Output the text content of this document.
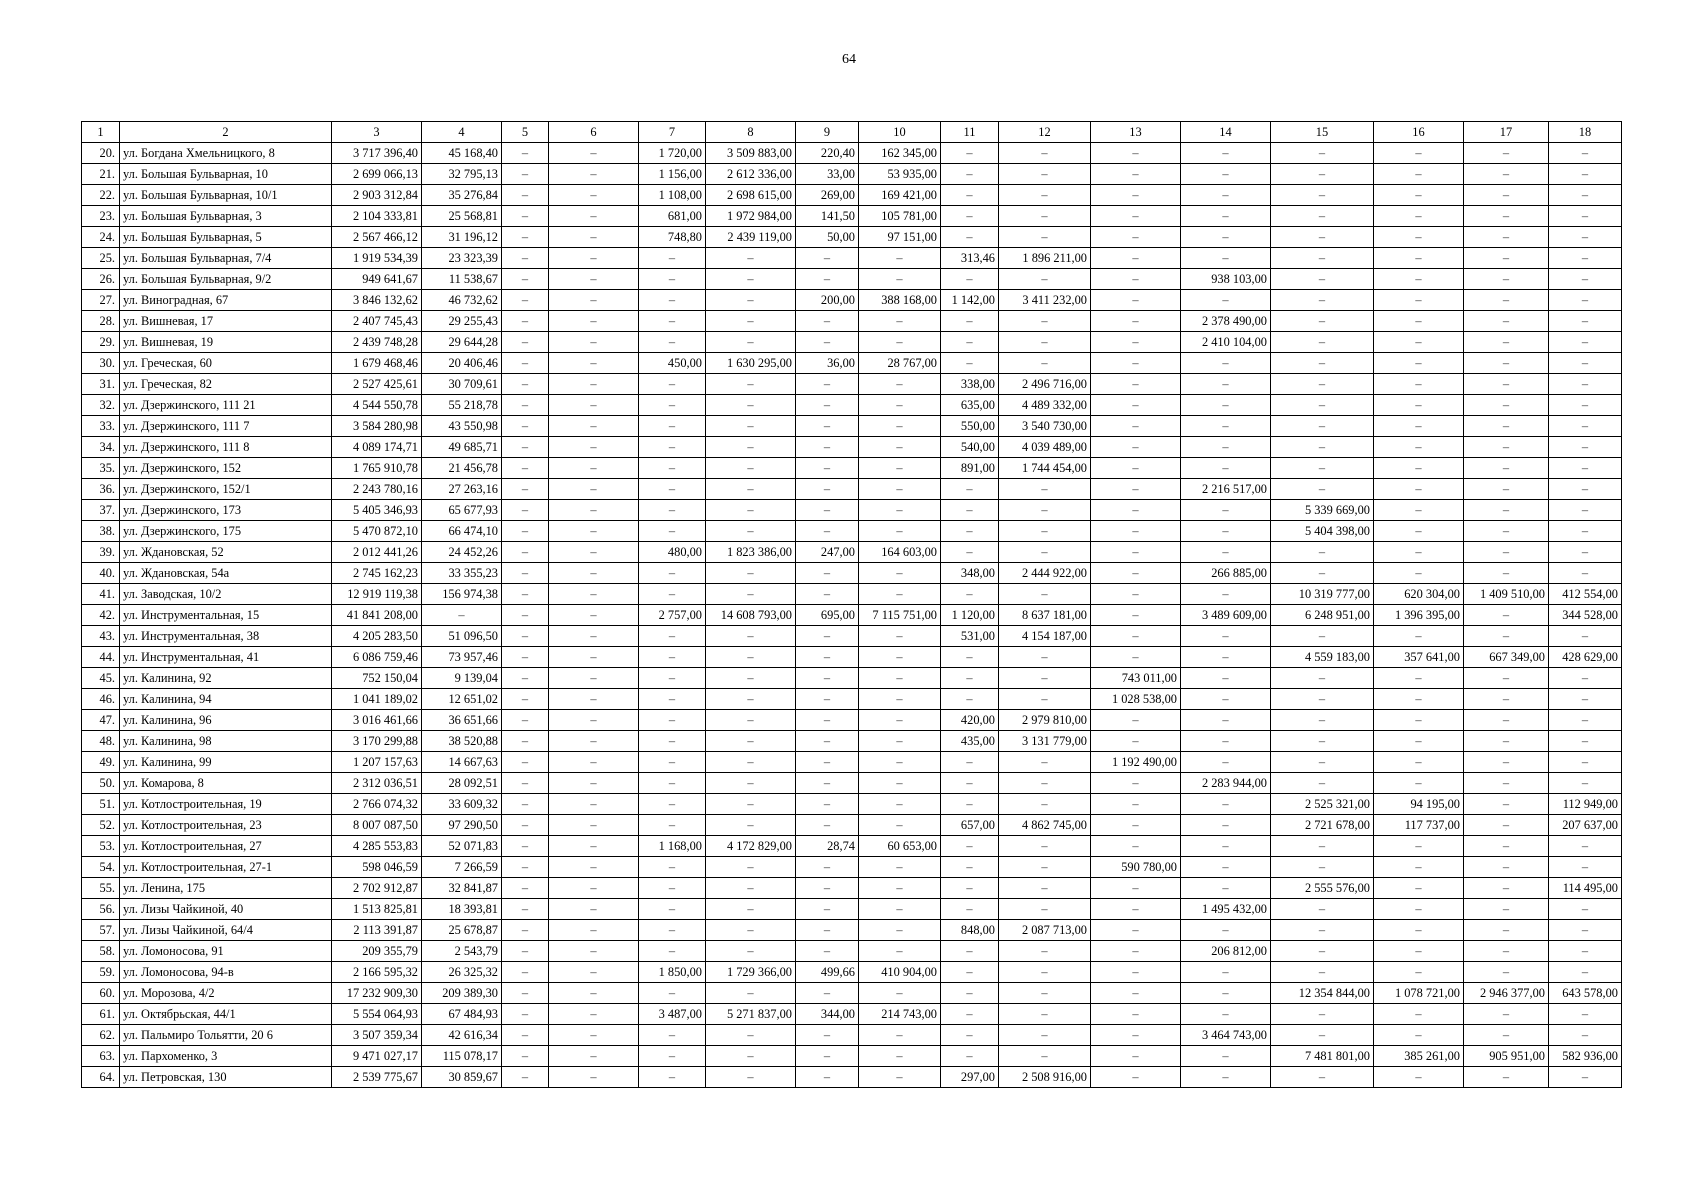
64
1	2	3	4	5	6	7	8	9	10	11	12	13	14	15	16	17	18
20.	ул. Богдана Хмельницкого, 8	3 717 396,40	45 168,40	–	–	1 720,00	3 509 883,00	220,40	162 345,00	–	–	–	–	–	–	–	–
21.	ул. Большая Бульварная, 10	2 699 066,13	32 795,13	–	–	1 156,00	2 612 336,00	33,00	53 935,00	–	–	–	–	–	–	–	–
22.	ул. Большая Бульварная, 10/1	2 903 312,84	35 276,84	–	–	1 108,00	2 698 615,00	269,00	169 421,00	–	–	–	–	–	–	–	–
23.	ул. Большая Бульварная, 3	2 104 333,81	25 568,81	–	–	681,00	1 972 984,00	141,50	105 781,00	–	–	–	–	–	–	–	–
24.	ул. Большая Бульварная, 5	2 567 466,12	31 196,12	–	–	748,80	2 439 119,00	50,00	97 151,00	–	–	–	–	–	–	–	–
25.	ул. Большая Бульварная, 7/4	1 919 534,39	23 323,39	–	–	–	–	–	–	313,46	1 896 211,00	–	–	–	–	–	–
26.	ул. Большая Бульварная, 9/2	949 641,67	11 538,67	–	–	–	–	–	–	–	–	–	938 103,00	–	–	–	–
27.	ул. Виноградная, 67	3 846 132,62	46 732,62	–	–	–	–	200,00	388 168,00	1 142,00	3 411 232,00	–	–	–	–	–	–
28.	ул. Вишневая, 17	2 407 745,43	29 255,43	–	–	–	–	–	–	–	–	–	2 378 490,00	–	–	–	–
29.	ул. Вишневая, 19	2 439 748,28	29 644,28	–	–	–	–	–	–	–	–	–	2 410 104,00	–	–	–	–
30.	ул. Греческая, 60	1 679 468,46	20 406,46	–	–	450,00	1 630 295,00	36,00	28 767,00	–	–	–	–	–	–	–	–
31.	ул. Греческая, 82	2 527 425,61	30 709,61	–	–	–	–	–	–	338,00	2 496 716,00	–	–	–	–	–	–
32.	ул. Дзержинского, 111 21	4 544 550,78	55 218,78	–	–	–	–	–	–	635,00	4 489 332,00	–	–	–	–	–	–
33.	ул. Дзержинского, 111 7	3 584 280,98	43 550,98	–	–	–	–	–	–	550,00	3 540 730,00	–	–	–	–	–	–
34.	ул. Дзержинского, 111 8	4 089 174,71	49 685,71	–	–	–	–	–	–	540,00	4 039 489,00	–	–	–	–	–	–
35.	ул. Дзержинского, 152	1 765 910,78	21 456,78	–	–	–	–	–	–	891,00	1 744 454,00	–	–	–	–	–	–
36.	ул. Дзержинского, 152/1	2 243 780,16	27 263,16	–	–	–	–	–	–	–	–	–	2 216 517,00	–	–	–	–
37.	ул. Дзержинского, 173	5 405 346,93	65 677,93	–	–	–	–	–	–	–	–	–	–	5 339 669,00	–	–	–
38.	ул. Дзержинского, 175	5 470 872,10	66 474,10	–	–	–	–	–	–	–	–	–	–	5 404 398,00	–	–	–
39.	ул. Ждановская, 52	2 012 441,26	24 452,26	–	–	480,00	1 823 386,00	247,00	164 603,00	–	–	–	–	–	–	–	–
40.	ул. Ждановская, 54а	2 745 162,23	33 355,23	–	–	–	–	–	–	348,00	2 444 922,00	–	266 885,00	–	–	–	–
41.	ул. Заводская, 10/2	12 919 119,38	156 974,38	–	–	–	–	–	–	–	–	–	–	10 319 777,00	620 304,00	1 409 510,00	412 554,00
42.	ул. Инструментальная, 15	41 841 208,00	–	–	–	2 757,00	14 608 793,00	695,00	7 115 751,00	1 120,00	8 637 181,00	–	3 489 609,00	6 248 951,00	1 396 395,00	–	344 528,00
43.	ул. Инструментальная, 38	4 205 283,50	51 096,50	–	–	–	–	–	–	531,00	4 154 187,00	–	–	–	–	–	–
44.	ул. Инструментальная, 41	6 086 759,46	73 957,46	–	–	–	–	–	–	–	–	–	–	4 559 183,00	357 641,00	667 349,00	428 629,00
45.	ул. Калинина, 92	752 150,04	9 139,04	–	–	–	–	–	–	–	–	743 011,00	–	–	–	–	–
46.	ул. Калинина, 94	1 041 189,02	12 651,02	–	–	–	–	–	–	–	–	1 028 538,00	–	–	–	–	–
47.	ул. Калинина, 96	3 016 461,66	36 651,66	–	–	–	–	–	–	420,00	2 979 810,00	–	–	–	–	–	–
48.	ул. Калинина, 98	3 170 299,88	38 520,88	–	–	–	–	–	–	435,00	3 131 779,00	–	–	–	–	–	–
49.	ул. Калинина, 99	1 207 157,63	14 667,63	–	–	–	–	–	–	–	–	1 192 490,00	–	–	–	–	–
50.	ул. Комарова, 8	2 312 036,51	28 092,51	–	–	–	–	–	–	–	–	–	2 283 944,00	–	–	–	–
51.	ул. Котлостроительная, 19	2 766 074,32	33 609,32	–	–	–	–	–	–	–	–	–	–	2 525 321,00	94 195,00	–	112 949,00
52.	ул. Котлостроительная, 23	8 007 087,50	97 290,50	–	–	–	–	–	–	657,00	4 862 745,00	–	–	2 721 678,00	117 737,00	–	207 637,00
53.	ул. Котлостроительная, 27	4 285 553,83	52 071,83	–	–	1 168,00	4 172 829,00	28,74	60 653,00	–	–	–	–	–	–	–	–
54.	ул. Котлостроительная, 27-1	598 046,59	7 266,59	–	–	–	–	–	–	–	–	590 780,00	–	–	–	–	–
55.	ул. Ленина, 175	2 702 912,87	32 841,87	–	–	–	–	–	–	–	–	–	–	2 555 576,00	–	–	114 495,00
56.	ул. Лизы Чайкиной, 40	1 513 825,81	18 393,81	–	–	–	–	–	–	–	–	–	1 495 432,00	–	–	–	–
57.	ул. Лизы Чайкиной, 64/4	2 113 391,87	25 678,87	–	–	–	–	–	–	848,00	2 087 713,00	–	–	–	–	–	–
58.	ул. Ломоносова, 91	209 355,79	2 543,79	–	–	–	–	–	–	–	–	–	206 812,00	–	–	–	–
59.	ул. Ломоносова, 94-в	2 166 595,32	26 325,32	–	–	1 850,00	1 729 366,00	499,66	410 904,00	–	–	–	–	–	–	–	–
60.	ул. Морозова, 4/2	17 232 909,30	209 389,30	–	–	–	–	–	–	–	–	–	–	12 354 844,00	1 078 721,00	2 946 377,00	643 578,00
61.	ул. Октябрьская, 44/1	5 554 064,93	67 484,93	–	–	3 487,00	5 271 837,00	344,00	214 743,00	–	–	–	–	–	–	–	–
62.	ул. Пальмиро Тольятти, 20 6	3 507 359,34	42 616,34	–	–	–	–	–	–	–	–	–	3 464 743,00	–	–	–	–
63.	ул. Пархоменко, 3	9 471 027,17	115 078,17	–	–	–	–	–	–	–	–	–	–	7 481 801,00	385 261,00	905 951,00	582 936,00
64.	ул. Петровская, 130	2 539 775,67	30 859,67	–	–	–	–	–	–	297,00	2 508 916,00	–	–	–	–	–	–
